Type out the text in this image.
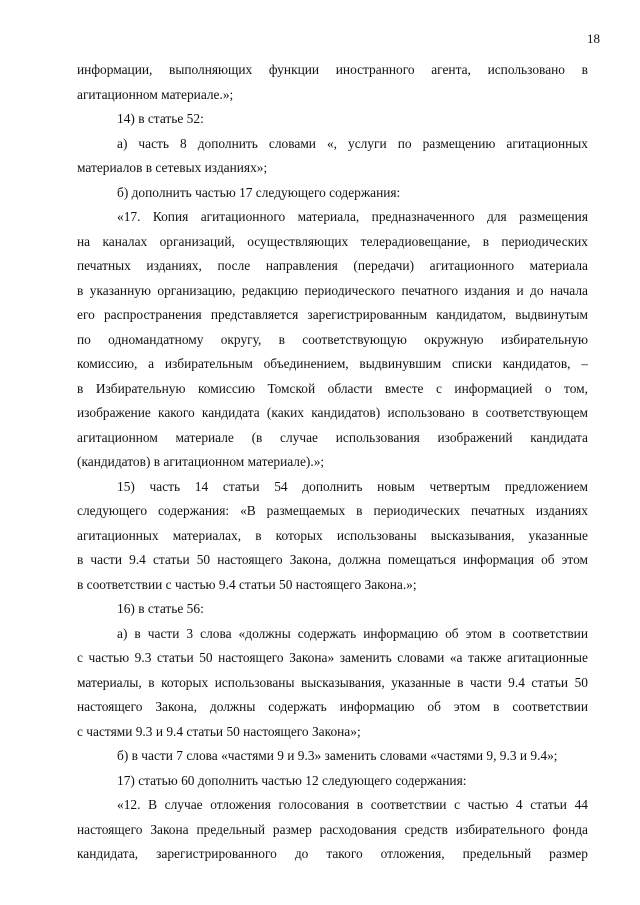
18
информации, выполняющих функции иностранного агента, использовано в
агитационном материале.»;
14) в статье 52:
а) часть 8 дополнить словами «, услуги по размещению агитационных
материалов в сетевых изданиях»;
б) дополнить частью 17 следующего содержания:
«17. Копия агитационного материала, предназначенного для размещения
на каналах организаций, осуществляющих телерадиовещание, в периодических
печатных изданиях, после направления (передачи) агитационного материала
в указанную организацию, редакцию периодического печатного издания и до начала
его распространения представляется зарегистрированным кандидатом, выдвинутым
по одномандатному округу, в соответствующую окружную избирательную
комиссию, а избирательным объединением, выдвинувшим списки кандидатов, –
в Избирательную комиссию Томской области вместе с информацией о том,
изображение какого кандидата (каких кандидатов) использовано в соответствующем
агитационном материале (в случае использования изображений кандидата
(кандидатов) в агитационном материале).»;
15) часть 14 статьи 54 дополнить новым четвертым предложением
следующего содержания: «В размещаемых в периодических печатных изданиях
агитационных материалах, в которых использованы высказывания, указанные
в части 9.4 статьи 50 настоящего Закона, должна помещаться информация об этом
в соответствии с частью 9.4 статьи 50 настоящего Закона.»;
16) в статье 56:
а) в части 3 слова «должны содержать информацию об этом в соответствии
с частью 9.3 статьи 50 настоящего Закона» заменить словами «а также агитационные
материалы, в которых использованы высказывания, указанные в части 9.4 статьи 50
настоящего Закона, должны содержать информацию об этом в соответствии
с частями 9.3 и 9.4 статьи 50 настоящего Закона»;
б) в части 7 слова «частями 9 и 9.3» заменить словами «частями 9, 9.3 и 9.4»;
17) статью 60 дополнить частью 12 следующего содержания:
«12. В случае отложения голосования в соответствии с частью 4 статьи 44
настоящего Закона предельный размер расходования средств избирательного фонда
кандидата, зарегистрированного до такого отложения, предельный размер
